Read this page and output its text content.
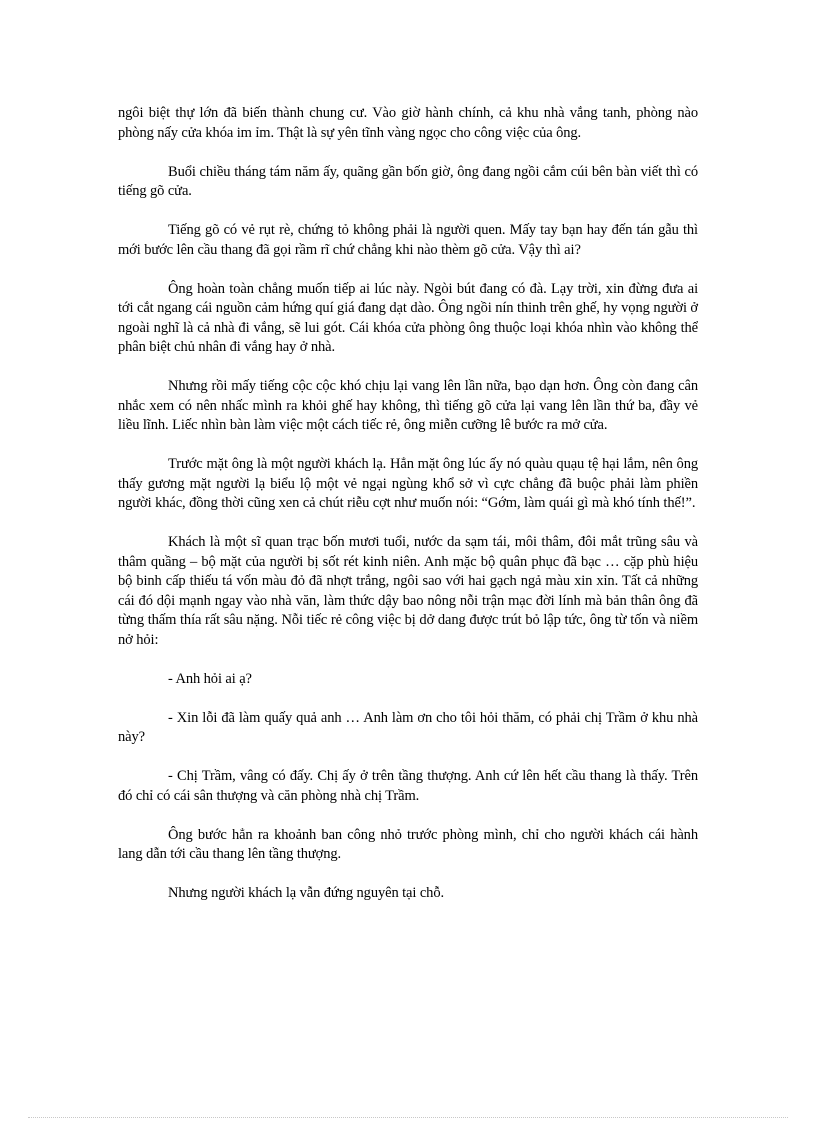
ngôi biệt thự lớn đã biến thành chung cư. Vào giờ hành chính, cả khu nhà vắng tanh, phòng nào phòng nấy cửa khóa im ỉm. Thật là sự yên tĩnh vàng ngọc cho công việc của ông.

Buổi chiều tháng tám năm ấy, quãng gần bốn giờ, ông đang ngồi cắm cúi bên bàn viết thì có tiếng gõ cửa.

Tiếng gõ có vẻ rụt rè, chứng tỏ không phải là người quen. Mấy tay bạn hay đến tán gẫu thì mới bước lên cầu thang đã gọi rầm rĩ chứ chẳng khi nào thèm gõ cửa. Vậy thì ai?

Ông hoàn toàn chẳng muốn tiếp ai lúc này. Ngòi bút đang có đà. Lạy trời, xin đừng đưa ai tới cắt ngang cái nguồn cảm hứng quí giá đang dạt dào. Ông ngồi nín thinh trên ghế, hy vọng người ở ngoài nghĩ là cả nhà đi vắng, sẽ lui gót. Cái khóa cửa phòng ông thuộc loại khóa nhìn vào không thể phân biệt chủ nhân đi vắng hay ở nhà.

Nhưng rồi mấy tiếng cộc cộc khó chịu lại vang lên lần nữa, bạo dạn hơn. Ông còn đang cân nhắc xem có nên nhấc mình ra khỏi ghế hay không, thì tiếng gõ cửa lại vang lên lần thứ ba, đầy vẻ liều lĩnh. Liếc nhìn bàn làm việc một cách tiếc rẻ, ông miễn cưỡng lê bước ra mở cửa.

Trước mặt ông là một người khách lạ. Hẳn mặt ông lúc ấy nó quàu quạu tệ hại lắm, nên ông thấy gương mặt người lạ biểu lộ một vẻ ngại ngùng khổ sở vì cực chẳng đã buộc phải làm phiền người khác, đồng thời cũng xen cả chút riễu cợt như muốn nói: “Gớm, làm quái gì mà khó tính thế!”.

Khách là một sĩ quan trạc bốn mươi tuổi, nước da sạm tái, môi thâm, đôi mắt trũng sâu và thâm quầng – bộ mặt của người bị sốt rét kinh niên. Anh mặc bộ quân phục đã bạc … cặp phù hiệu bộ binh cấp thiếu tá vốn màu đỏ đã nhợt trắng, ngôi sao với hai gạch ngả màu xin xỉn. Tất cả những cái đó dội mạnh ngay vào nhà văn, làm thức dậy bao nông nỗi trận mạc đời lính mà bản thân ông đã từng thấm thía rất sâu nặng. Nỗi tiếc rẻ công việc bị dở dang được trút bỏ lập tức, ông từ tốn và niềm nở hỏi:

- Anh hỏi ai ạ?

- Xin lỗi đã làm quấy quả anh … Anh làm ơn cho tôi hỏi thăm, có phải chị Trầm ở khu nhà này?

- Chị Trầm, vâng có đấy. Chị ấy ở trên tầng thượng. Anh cứ lên hết cầu thang là thấy. Trên đó chỉ có cái sân thượng và căn phòng nhà chị Trầm.

Ông bước hẳn ra khoảnh ban công nhỏ trước phòng mình, chỉ cho người khách cái hành lang dẫn tới cầu thang lên tầng thượng.

Nhưng người khách lạ vẫn đứng nguyên tại chỗ.
